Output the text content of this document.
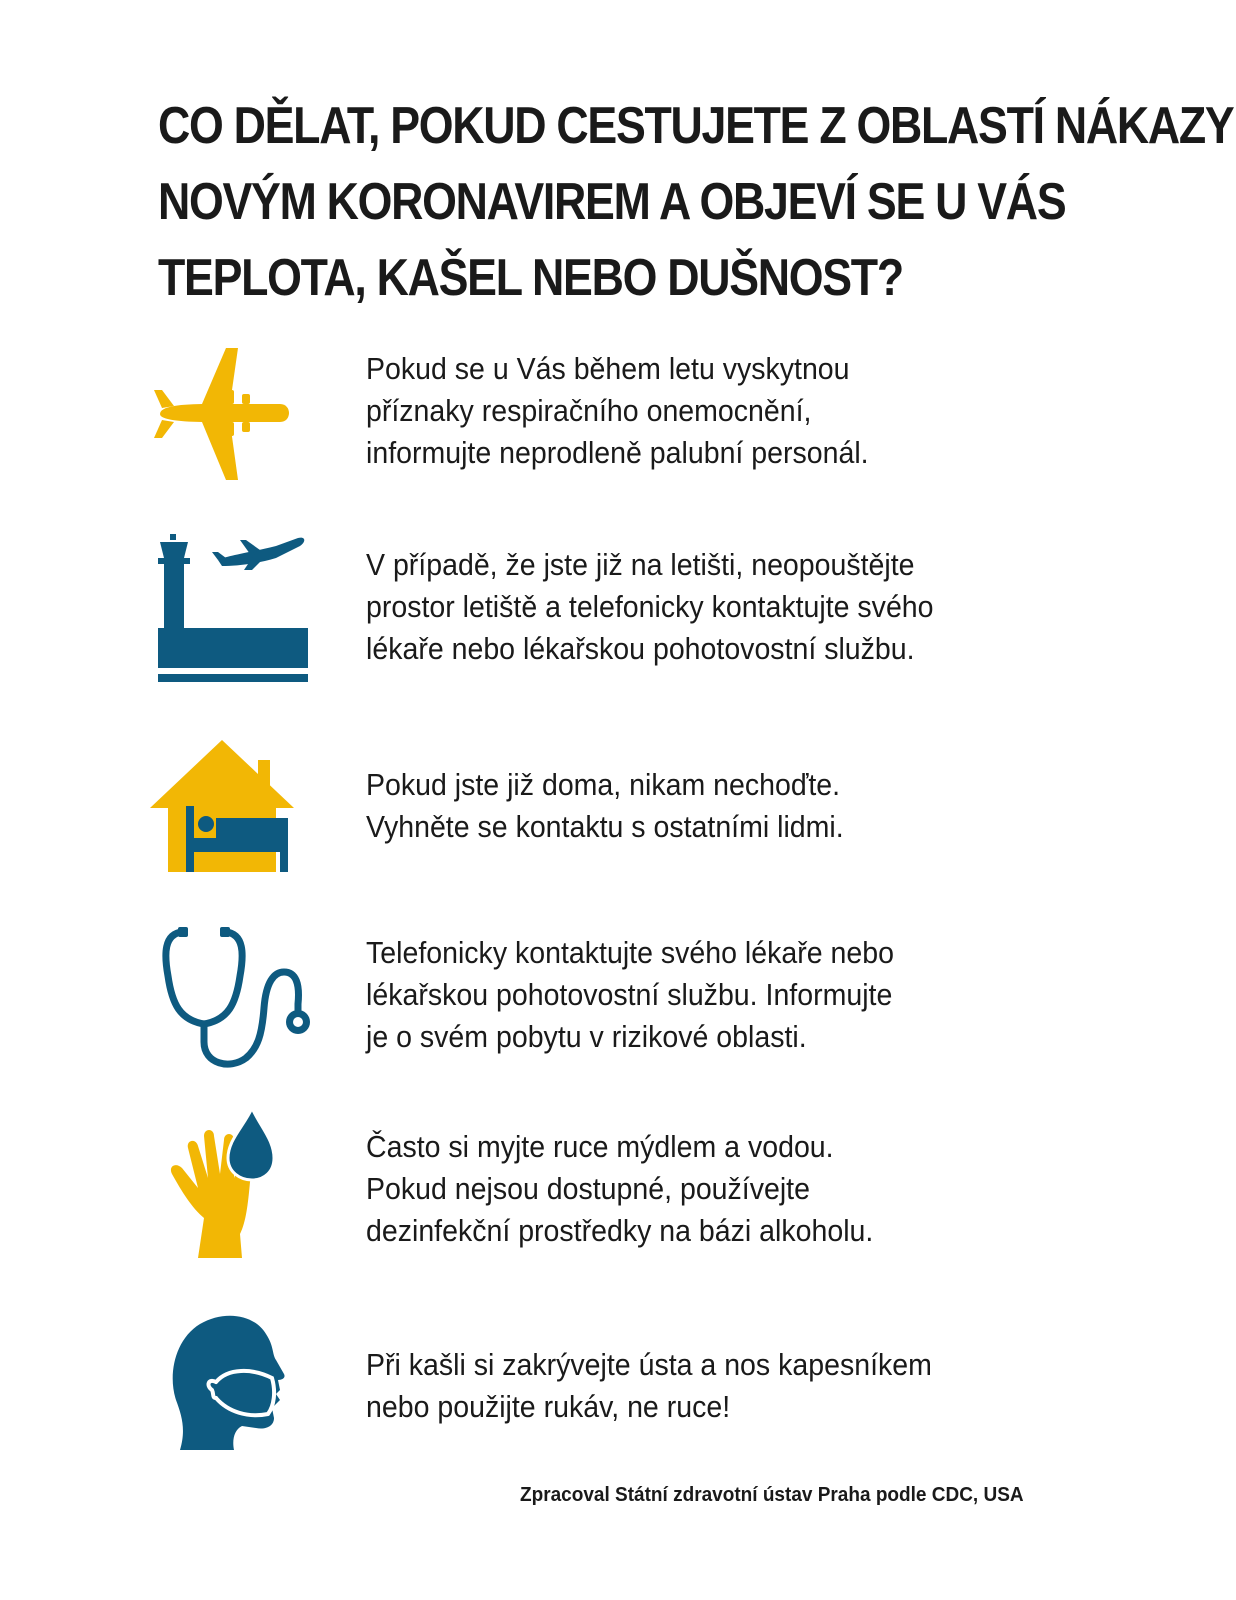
CO DĚLAT, POKUD CESTUJETE Z OBLASTÍ NÁKAZY
NOVÝM KORONAVIREM A OBJEVÍ SE U VÁS
TEPLOTA, KAŠEL NEBO DUŠNOST?
Pokud se u Vás během letu vyskytnou
příznaky respiračního onemocnění,
informujte neprodleně palubní personál.
V případě, že jste již na letišti, neopouštějte
prostor letiště a telefonicky kontaktujte svého
lékaře nebo lékařskou pohotovostní službu.
Pokud jste již doma, nikam nechoďte.
Vyhněte se kontaktu s ostatními lidmi.
Telefonicky kontaktujte svého lékaře nebo
lékařskou pohotovostní službu. Informujte
je o svém pobytu v rizikové oblasti.
Často si myjte ruce mýdlem a vodou.
Pokud nejsou dostupné, používejte
dezinfekční prostředky na bázi alkoholu.
Při kašli si zakrývejte ústa a nos kapesníkem
nebo použijte rukáv, ne ruce!
Zpracoval Státní zdravotní ústav Praha podle CDC, USA
